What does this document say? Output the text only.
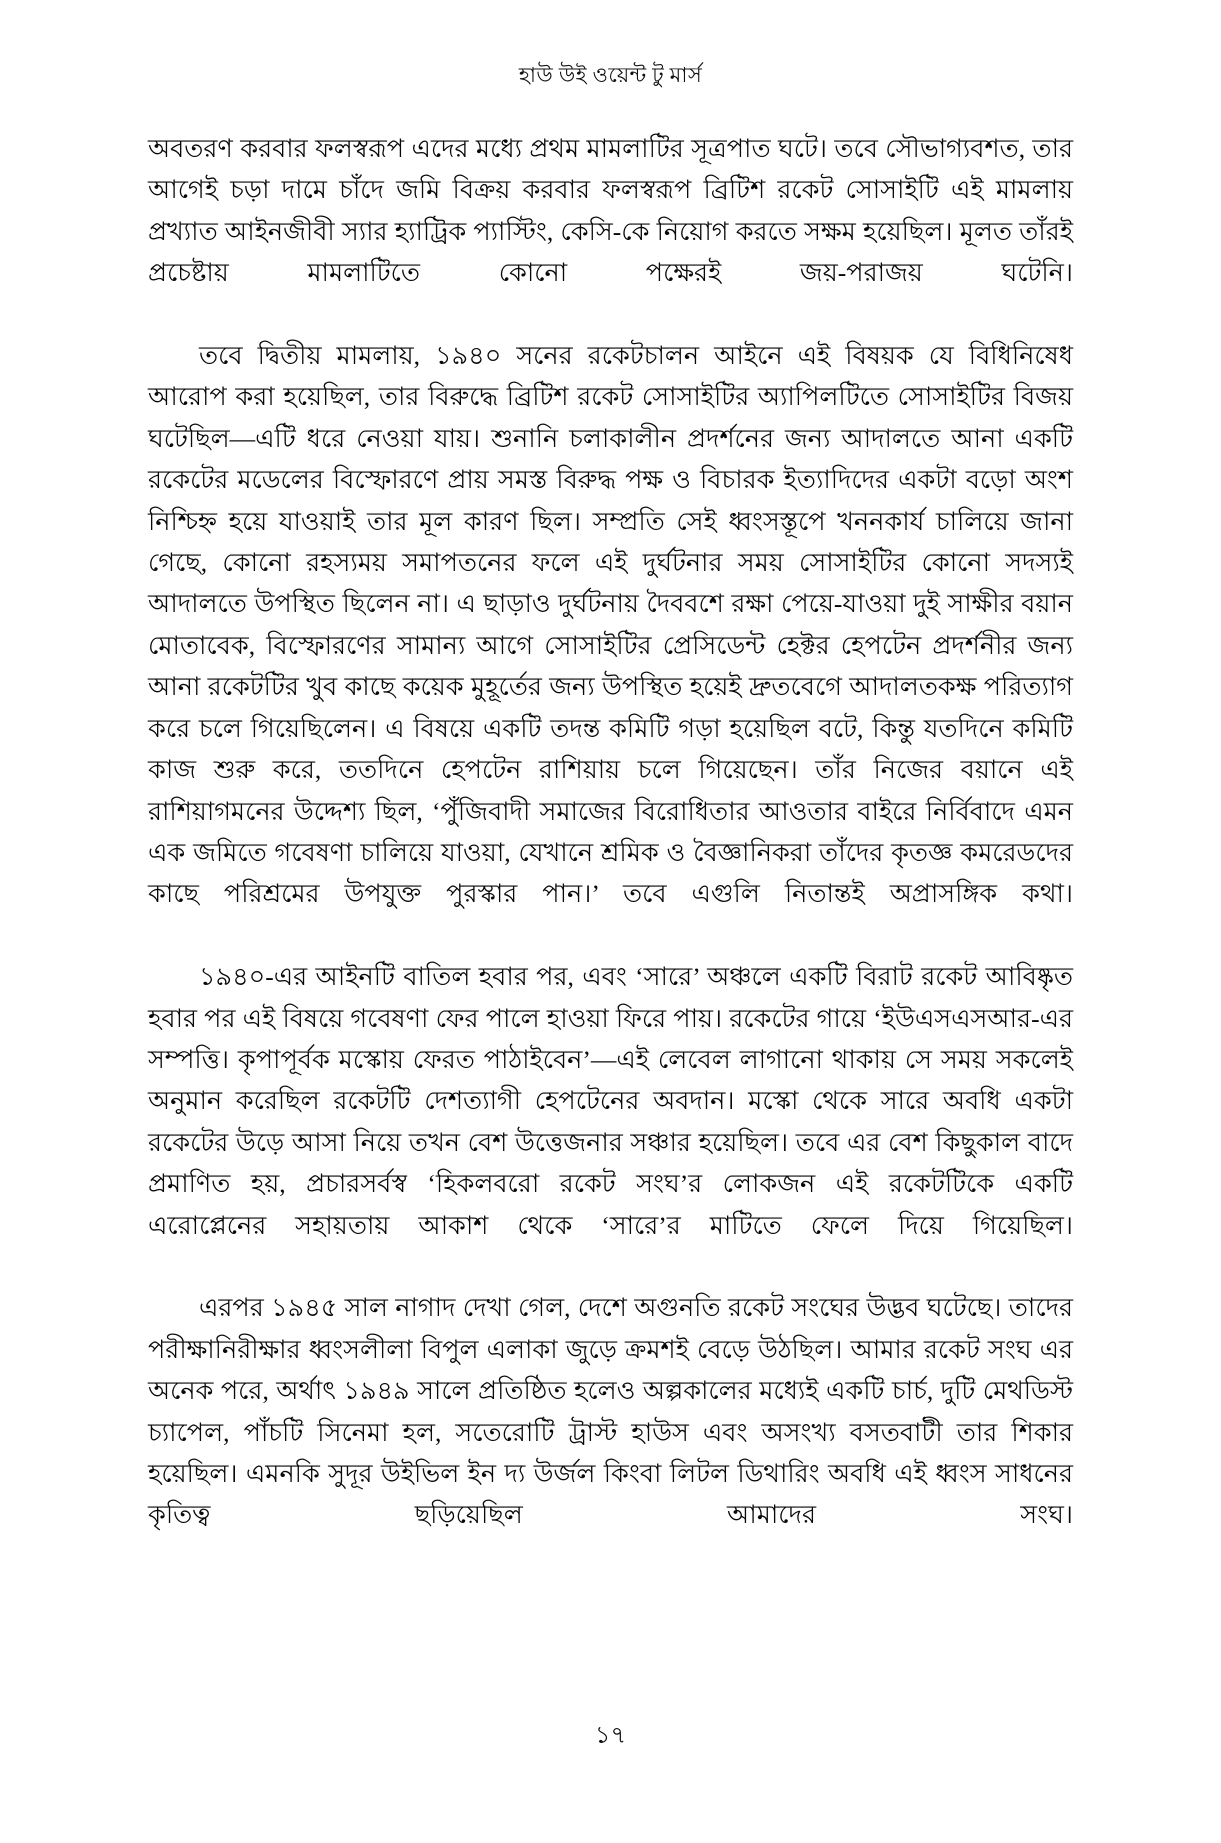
হাউ উই ওয়েন্ট টু মার্স

অবতরণ করবার ফলস্বরূপ এদের মধ্যে প্রথম মামলাটির সূত্রপাত ঘটে। তবে সৌভাগ্যবশত, তার আগেই চড়া দামে চাঁদে জমি বিক্রয় করবার ফলস্বরূপ ব্রিটিশ রকেট সোসাইটি এই মামলায় প্রখ্যাত আইনজীবী স্যার হ্যাট্রিক প্যাস্টিং, কেসি-কে নিয়োগ করতে সক্ষম হয়েছিল। মূলত তাঁরই প্রচেষ্টায় মামলাটিতে কোনো পক্ষেরই জয়-পরাজয় ঘটেনি।

তবে দ্বিতীয় মামলায়, ১৯৪০ সনের রকেটচালন আইনে এই বিষয়ক যে বিধিনিষেধ আরোপ করা হয়েছিল, তার বিরুদ্ধে ব্রিটিশ রকেট সোসাইটির অ্যাপিলটিতে সোসাইটির বিজয় ঘটেছিল—এটি ধরে নেওয়া যায়। শুনানি চলাকালীন প্রদর্শনের জন্য আদালতে আনা একটি রকেটের মডেলের বিস্ফোরণে প্রায় সমস্ত বিরুদ্ধ পক্ষ ও বিচারক ইত্যাদিদের একটা বড়ো অংশ নিশ্চিহ্ন হয়ে যাওয়াই তার মূল কারণ ছিল। সম্প্রতি সেই ধ্বংসস্তূপে খননকার্য চালিয়ে জানা গেছে, কোনো রহস্যময় সমাপতনের ফলে এই দুর্ঘটনার সময় সোসাইটির কোনো সদস্যই আদালতে উপস্থিত ছিলেন না। এ ছাড়াও দুর্ঘটনায় দৈববশে রক্ষা পেয়ে-যাওয়া দুই সাক্ষীর বয়ান মোতাবেক, বিস্ফোরণের সামান্য আগে সোসাইটির প্রেসিডেন্ট হেক্টর হেপটেন প্রদর্শনীর জন্য আনা রকেটটির খুব কাছে কয়েক মুহূর্তের জন্য উপস্থিত হয়েই দ্রুতবেগে আদালতকক্ষ পরিত্যাগ করে চলে গিয়েছিলেন। এ বিষয়ে একটি তদন্ত কমিটি গড়া হয়েছিল বটে, কিন্তু যতদিনে কমিটি কাজ শুরু করে, ততদিনে হেপটেন রাশিয়ায় চলে গিয়েছেন। তাঁর নিজের বয়ানে এই রাশিয়াগমনের উদ্দেশ্য ছিল, ‘পুঁজিবাদী সমাজের বিরোধিতার আওতার বাইরে নির্বিবাদে এমন এক জমিতে গবেষণা চালিয়ে যাওয়া, যেখানে শ্রমিক ও বৈজ্ঞানিকরা তাঁদের কৃতজ্ঞ কমরেডদের কাছে পরিশ্রমের উপযুক্ত পুরস্কার পান।’ তবে এগুলি নিতান্তই অপ্রাসঙ্গিক কথা।

১৯৪০-এর আইনটি বাতিল হবার পর, এবং ‘সারে’ অঞ্চলে একটি বিরাট রকেট আবিষ্কৃত হবার পর এই বিষয়ে গবেষণা ফের পালে হাওয়া ফিরে পায়। রকেটের গায়ে ‘ইউএসএসআর-এর সম্পত্তি। কৃপাপূর্বক মস্কোয় ফেরত পাঠাইবেন’—এই লেবেল লাগানো থাকায় সে সময় সকলেই অনুমান করেছিল রকেটটি দেশত্যাগী হেপটেনের অবদান। মস্কো থেকে সারে অবধি একটা রকেটের উড়ে আসা নিয়ে তখন বেশ উত্তেজনার সঞ্চার হয়েছিল। তবে এর বেশ কিছুকাল বাদে প্রমাণিত হয়, প্রচারসর্বস্ব ‘হিকলবরো রকেট সংঘ’র লোকজন এই রকেটটিকে একটি এরোপ্লেনের সহায়তায় আকাশ থেকে ‘সারে’র মাটিতে ফেলে দিয়ে গিয়েছিল।

এরপর ১৯৪৫ সাল নাগাদ দেখা গেল, দেশে অগুনতি রকেট সংঘের উদ্ভব ঘটেছে। তাদের পরীক্ষানিরীক্ষার ধ্বংসলীলা বিপুল এলাকা জুড়ে ক্রমশই বেড়ে উঠছিল। আমার রকেট সংঘ এর অনেক পরে, অর্থাৎ ১৯৪৯ সালে প্রতিষ্ঠিত হলেও অল্পকালের মধ্যেই একটি চার্চ, দুটি মেথডিস্ট চ্যাপেল, পাঁচটি সিনেমা হল, সতেরোটি ট্রাস্ট হাউস এবং অসংখ্য বসতবাটী তার শিকার হয়েছিল। এমনকি সুদূর উইভিল ইন দ্য উর্জল কিংবা লিটল ডিথারিং অবধি এই ধ্বংস সাধনের কৃতিত্ব ছড়িয়েছিল আমাদের সংঘ।

১৭
